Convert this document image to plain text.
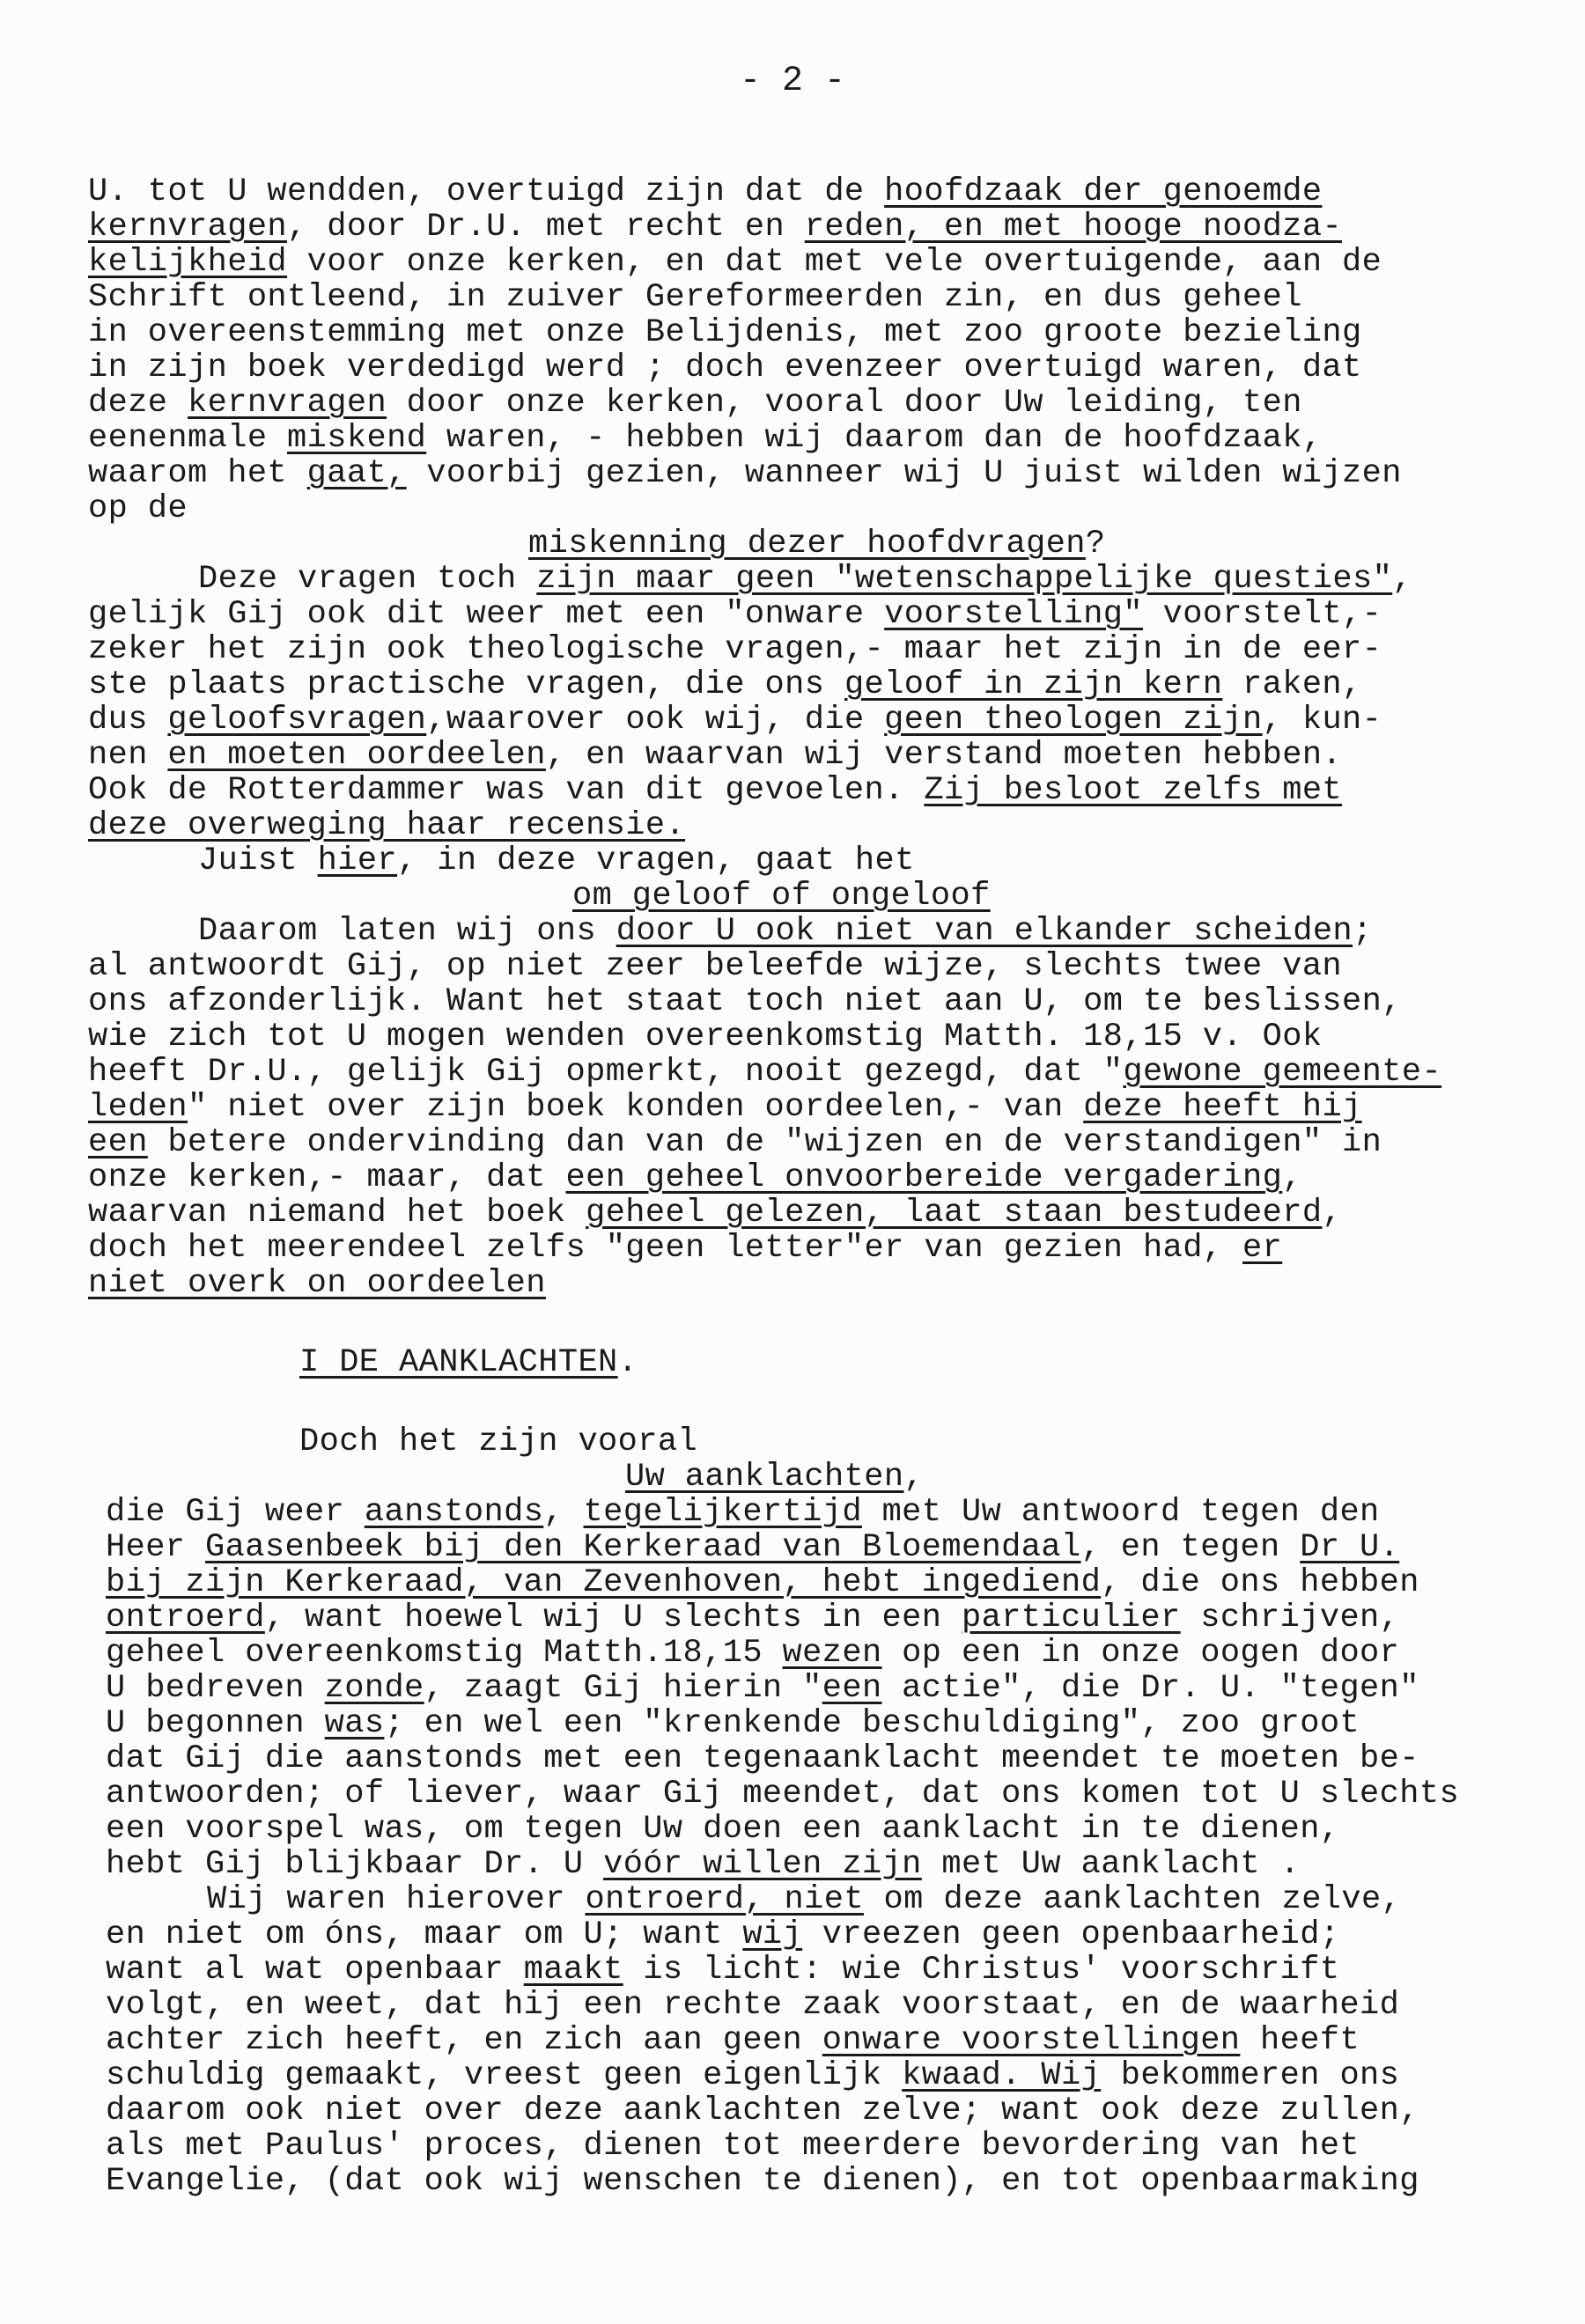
- 2 -
U. tot U wendden, overtuigd zijn dat de hoofdzaak der genoemde
kernvragen, door Dr.U. met recht en reden, en met hooge noodza-
kelijkheid voor onze kerken, en dat met vele overtuigende, aan de
Schrift ontleend, in zuiver Gereformeerden zin, en dus geheel
in overeenstemming met onze Belijdenis, met zoo groote bezieling
in zijn boek verdedigd werd ; doch evenzeer overtuigd waren, dat
deze kernvragen door onze kerken, vooral door Uw leiding, ten
eenenmale miskend waren, - hebben wij daarom dan de hoofdzaak,
waarom het gaat, voorbij gezien, wanneer wij U juist wilden wijzen
op de
miskenning dezer hoofdvragen?
Deze vragen toch zijn maar geen "wetenschappelijke questies",
gelijk Gij ook dit weer met een "onware voorstelling" voorstelt,-
zeker het zijn ook theologische vragen,- maar het zijn in de eer-
ste plaats practische vragen, die ons geloof in zijn kern raken,
dus geloofsvragen,waarover ook wij, die geen theologen zijn, kun-
nen en moeten oordeelen, en waarvan wij verstand moeten hebben.
Ook de Rotterdammer was van dit gevoelen. Zij besloot zelfs met
deze overweging haar recensie.
Juist hier, in deze vragen, gaat het
om geloof of ongeloof
Daarom laten wij ons door U ook niet van elkander scheiden;
al antwoordt Gij, op niet zeer beleefde wijze, slechts twee van
ons afzonderlijk. Want het staat toch niet aan U, om te beslissen,
wie zich tot U mogen wenden overeenkomstig Matth. 18,15 v. Ook
heeft Dr.U., gelijk Gij opmerkt, nooit gezegd, dat "gewone gemeente-
leden" niet over zijn boek konden oordeelen,- van deze heeft hij
een betere ondervinding dan van de "wijzen en de verstandigen" in
onze kerken,- maar, dat een geheel onvoorbereide vergadering,
waarvan niemand het boek geheel gelezen, laat staan bestudeerd,
doch het meerendeel zelfs "geen letter"er van gezien had, er
niet overk on oordeelen
I DE AANKLACHTEN.
Doch het zijn vooral
Uw aanklachten,
die Gij weer aanstonds, tegelijkertijd met Uw antwoord tegen den
Heer Gaasenbeek bij den Kerkeraad van Bloemendaal, en tegen Dr U.
bij zijn Kerkeraad, van Zevenhoven, hebt ingediend, die ons hebben
ontroerd, want hoewel wij U slechts in een particulier schrijven,
geheel overeenkomstig Matth.18,15 wezen op een in onze oogen door
U bedreven zonde, zaagt Gij hierin "een actie", die Dr. U. "tegen"
U begonnen was; en wel een "krenkende beschuldiging", zoo groot
dat Gij die aanstonds met een tegenaanklacht meendet te moeten be-
antwoorden; of liever, waar Gij meendet, dat ons komen tot U slechts
een voorspel was, om tegen Uw doen een aanklacht in te dienen,
hebt Gij blijkbaar Dr. U vóór willen zijn met Uw aanklacht .
Wij waren hierover ontroerd, niet om deze aanklachten zelve,
en niet om óns, maar om U; want wij vreezen geen openbaarheid;
want al wat openbaar maakt is licht: wie Christus' voorschrift
volgt, en weet, dat hij een rechte zaak voorstaat, en de waarheid
achter zich heeft, en zich aan geen onware voorstellingen heeft
schuldig gemaakt, vreest geen eigenlijk kwaad. Wij bekommeren ons
daarom ook niet over deze aanklachten zelve; want ook deze zullen,
als met Paulus' proces, dienen tot meerdere bevordering van het
Evangelie, (dat ook wij wenschen te dienen), en tot openbaarmaking
